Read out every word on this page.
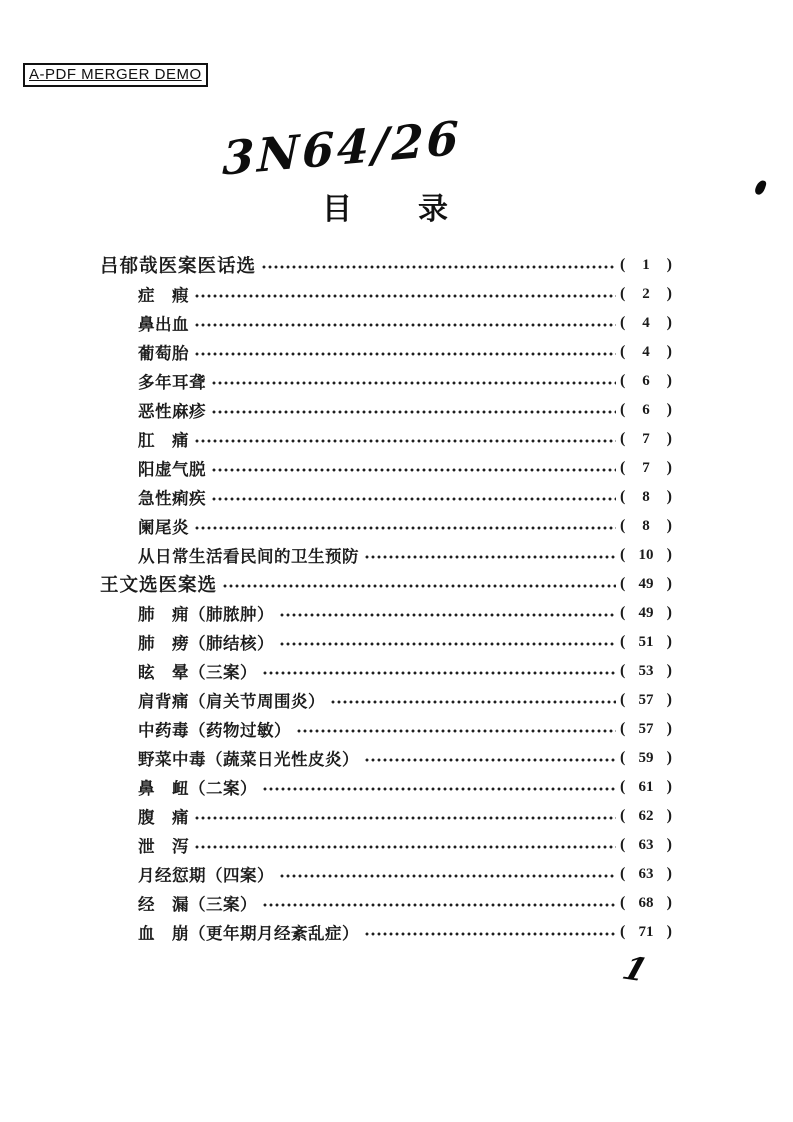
A-PDF MERGER DEMO
3N64/26
目　　录
吕郁哉医案医话选	( 1
)
症　瘕	( 2
)
鼻出血	( 4
)
葡萄胎	( 4
)
多年耳聋	( 6
)
恶性麻疹	( 6
)
肛　痛	( 7
)
阳虚气脱	( 7
)
急性痢疾	( 8
)
阑尾炎	( 8
)
从日常生活看民间的卫生预防	( 10
)
王文选医案选	( 49
)
肺　痈（肺脓肿）	( 49
)
肺　痨（肺结核）	( 51
)
眩　晕（三案）	( 53
)
肩背痛（肩关节周围炎）	( 57
)
中药毒（药物过敏）	( 57
)
野菜中毒（蔬菜日光性皮炎）	( 59
)
鼻　衄（二案）	( 61
)
腹　痛	( 62
)
泄　泻	( 63
)
月经愆期（四案）	( 63
)
经　漏（三案）	( 68
)
血　崩（更年期月经紊乱症）	( 71
)
1
